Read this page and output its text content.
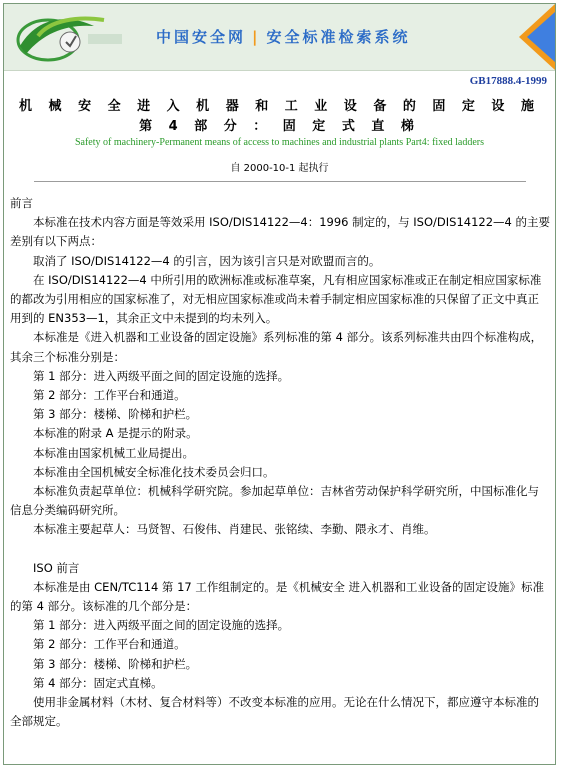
中国安全网 | 安全标准检索系统
GB17888.4-1999
机 械 安 全 进 入 机 器 和 工 业 设 备 的 固 定 设 施
第 4 部 分 ： 固 定 式 直 梯
Safety of machinery-Permanent means of access to machines and industrial plants Part4: fixed ladders
自 2000-10-1 起执行

前言

本标准在技术内容方面是等效采用 ISO/DIS14122—4：1996 制定的，与 ISO/DIS14122—4 的主要差别有以下两点：

取消了 ISO/DIS14122—4 的引言，因为该引言只是对欧盟而言的。

在 ISO/DIS14122—4 中所引用的欧洲标准或标准草案，凡有相应国家标准或正在制定相应国家标准的都改为引用相应的国家标准了，对无相应国家标准或尚未着手制定相应国家标准的只保留了正文中真正用到的 EN353—1，其余正文中未提到的均未列入。

本标准是《进入机器和工业设备的固定设施》系列标准的第 4 部分。该系列标准共由四个标准构成，其余三个标准分别是：

第 1 部分：进入两级平面之间的固定设施的选择。

第 2 部分：工作平台和通道。

第 3 部分：楼梯、阶梯和护栏。

本标准的附录 A 是提示的附录。

本标准由国家机械工业局提出。

本标准由全国机械安全标准化技术委员会归口。

本标准负责起草单位：机械科学研究院。参加起草单位：吉林省劳动保护科学研究所，中国标准化与信息分类编码研究所。

本标准主要起草人：马贤智、石俊伟、肖建民、张铭续、李勤、隈永才、肖维。

ISO 前言

本标准是由 CEN/TC114 第 17 工作组制定的。是《机械安全 进入机器和工业设备的固定设施》标准的第 4 部分。该标准的几个部分是：

第 1 部分：进入两级平面之间的固定设施的选择。

第 2 部分：工作平台和通道。

第 3 部分：楼梯、阶梯和护栏。

第 4 部分：固定式直梯。

使用非金属材料（木材、复合材料等）不改变本标准的应用。无论在什么情况下，都应遵守本标准的全部规定。
